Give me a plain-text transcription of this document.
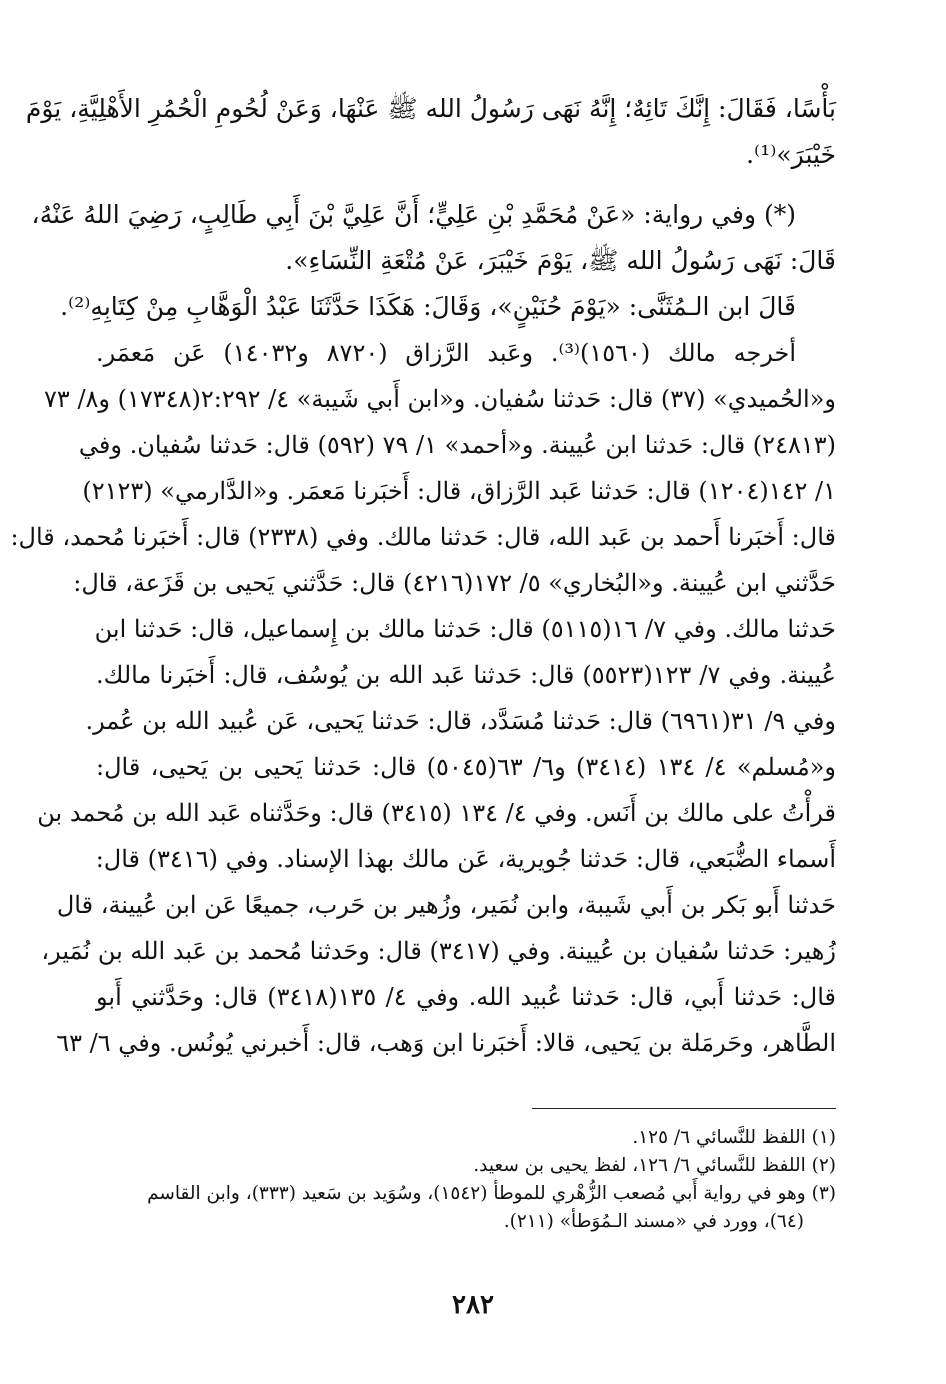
بَأْسًا، فَقَالَ: إِنَّكَ تَائِهٌ؛ إِنَّهُ نَهَى رَسُولُ الله ﷺ عَنْهَا، وَعَنْ لُحُومِ الْحُمُرِ الأَهْلِيَّةِ، يَوْمَ
خَيْبَرَ»⁽¹⁾.
(*) وفي رواية: «عَنْ مُحَمَّدِ بْنِ عَلِيٍّ؛ أَنَّ عَلِيَّ بْنَ أَبِي طَالِبٍ، رَضِيَ اللهُ عَنْهُ،
قَالَ: نَهَى رَسُولُ الله ﷺ، يَوْمَ خَيْبَرَ، عَنْ مُتْعَةِ النِّسَاءِ».
قَالَ ابن الـمُثَنَّى: «يَوْمَ حُنَيْنٍ»، وَقَالَ: هَكَذَا حَدَّثَنَا عَبْدُ الْوَهَّابِ مِنْ كِتَابِهِ⁽²⁾.
أخرجه مالك (١٥٦٠)⁽³⁾. وعَبد الرَّزاق (٨٧٢٠ و١٤٠٣٢) عَن مَعمَر.
و«الحُميدي» (٣٧) قال: حَدثنا سُفيان. و«ابن أَبي شَيبة» ٤/ ٢:٢٩٢(١٧٣٤٨) و٨/ ٧٣
(٢٤٨١٣) قال: حَدثنا ابن عُيينة. و«أحمد» ١/ ٧٩ (٥٩٢) قال: حَدثنا سُفيان. وفي
١/ ١٤٢(١٢٠٤) قال: حَدثنا عَبد الرَّزاق، قال: أَخبَرنا مَعمَر. و«الدَّارمي» (٢١٢٣)
قال: أَخبَرنا أَحمد بن عَبد الله، قال: حَدثنا مالك. وفي (٢٣٣٨) قال: أَخبَرنا مُحمد، قال:
حَدَّثني ابن عُيينة. و«البُخاري» ٥/ ١٧٢(٤٢١٦) قال: حَدَّثني يَحيى بن قَزَعة، قال:
حَدثنا مالك. وفي ٧/ ١٦(٥١١٥) قال: حَدثنا مالك بن إِسماعيل، قال: حَدثنا ابن
عُيينة. وفي ٧/ ١٢٣(٥٥٢٣) قال: حَدثنا عَبد الله بن يُوسُف، قال: أَخبَرنا مالك.
وفي ٩/ ٣١(٦٩٦١) قال: حَدثنا مُسَدَّد، قال: حَدثنا يَحيى، عَن عُبيد الله بن عُمر.
و«مُسلم» ٤/ ١٣٤ (٣٤١٤) و٦/ ٦٣(٥٠٤٥) قال: حَدثنا يَحيى بن يَحيى، قال:
قرأْتُ على مالك بن أَنَس. وفي ٤/ ١٣٤ (٣٤١٥) قال: وحَدَّثناه عَبد الله بن مُحمد بن
أَسماء الضُّبَعي، قال: حَدثنا جُويرية، عَن مالك بهذا الإسناد. وفي (٣٤١٦) قال:
حَدثنا أَبو بَكر بن أَبي شَيبة، وابن نُمَير، وزُهير بن حَرب، جميعًا عَن ابن عُيينة، قال
زُهير: حَدثنا سُفيان بن عُيينة. وفي (٣٤١٧) قال: وحَدثنا مُحمد بن عَبد الله بن نُمَير،
قال: حَدثنا أَبي، قال: حَدثنا عُبيد الله. وفي ٤/ ١٣٥(٣٤١٨) قال: وحَدَّثني أَبو
الطَّاهر، وحَرمَلة بن يَحيى، قالا: أَخبَرنا ابن وَهب، قال: أَخبرني يُونُس. وفي ٦/ ٦٣
(١) اللفظ للنَّسائي ٦/ ١٢٥.
(٢) اللفظ للنَّسائي ٦/ ١٢٦، لفظ يحيى بن سعيد.
(٣) وهو في رواية أَبي مُصعب الزُّهْري للموطأ (١٥٤٢)، وسُوَيد بن سَعيد (٣٣٣)، وابن القاسم
(٦٤)، وورد في «مسند الـمُوَطأ» (٢١١).
٢٨٢
